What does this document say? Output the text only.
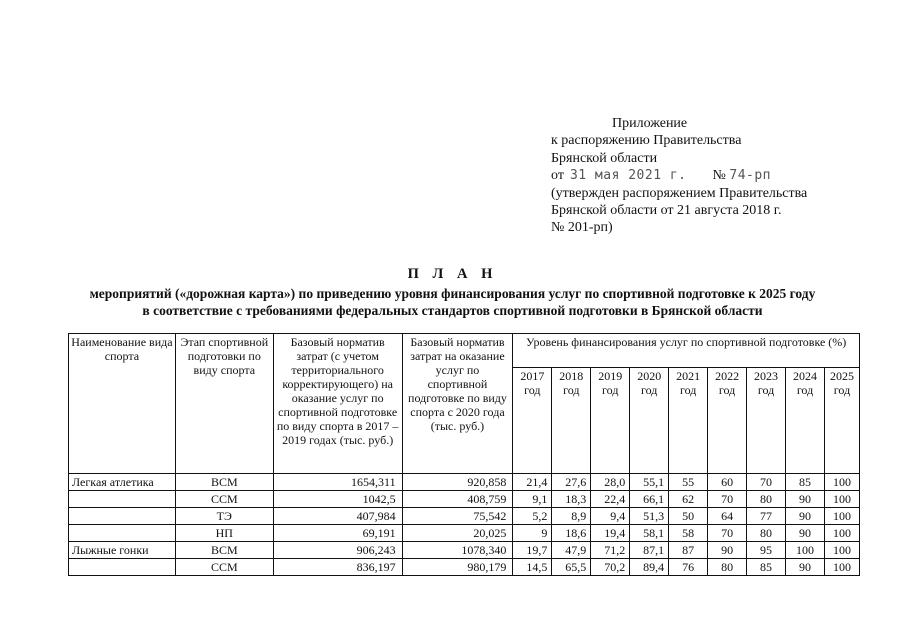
Приложение
к распоряжению Правительства
Брянской области
от 31 мая 2021 г. № 74-рп
(утвержден распоряжением Правительства
Брянской области от 21 августа 2018 г.
№ 201-рп)
П Л А Н
мероприятий («дорожная карта») по приведению уровня финансирования услуг по спортивной подготовке к 2025 году
в соответствие с требованиями федеральных стандартов спортивной подготовки в Брянской области
Наименование вида спорта	Этап спортивной подготовки по виду спорта	Базовый норматив затрат (с учетом территориального корректирующего) на оказание услуг по спортивной подготовке по виду спорта в 2017 – 2019 годах (тыс. руб.)	Базовый норматив затрат на оказание услуг по спортивной подготовке по виду спорта с 2020 года (тыс. руб.)	Уровень финансирования услуг по спортивной подготовке (%)								
				2017 год	2018 год	2019 год	2020 год	2021 год	2022 год	2023 год	2024 год	2025 год
Легкая атлетика	ВСМ	1654,311	920,858	21,4	27,6	28,0	55,1	55	60	70	85	100
	ССМ	1042,5	408,759	9,1	18,3	22,4	66,1	62	70	80	90	100
	ТЭ	407,984	75,542	5,2	8,9	9,4	51,3	50	64	77	90	100
	НП	69,191	20,025	9	18,6	19,4	58,1	58	70	80	90	100
Лыжные гонки	ВСМ	906,243	1078,340	19,7	47,9	71,2	87,1	87	90	95	100	100
	ССМ	836,197	980,179	14,5	65,5	70,2	89,4	76	80	85	90	100
